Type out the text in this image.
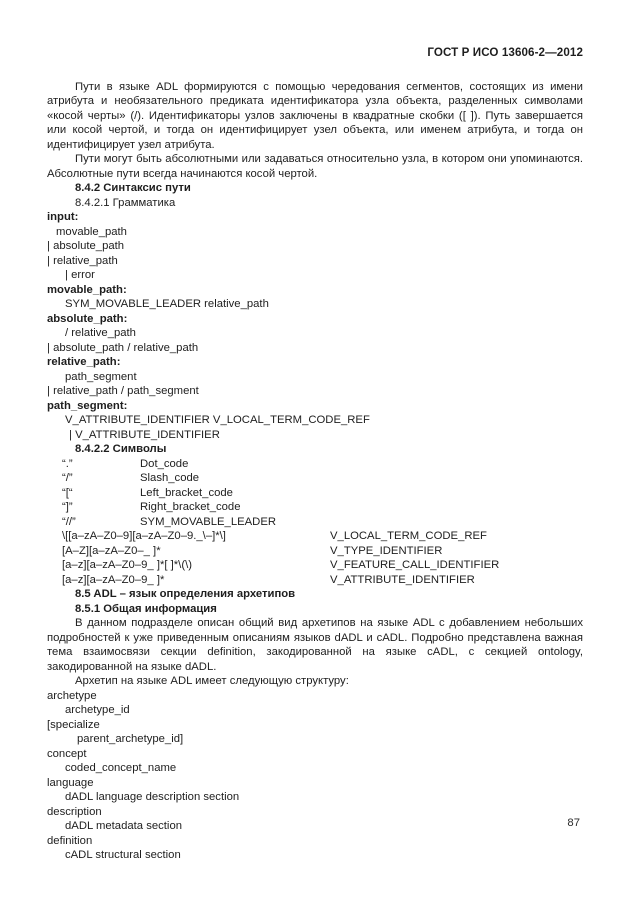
ГОСТ Р ИСО 13606-2—2012

Пути в языке ADL формируются с помощью чередования сегментов, состоящих из имени атрибута и необязательного предиката идентификатора узла объекта, разделенных символами «косой черты» (/). Идентификаторы узлов заключены в квадратные скобки ([ ]). Путь завершается или косой чертой, и тогда он идентифицирует узел объекта, или именем атрибута, и тогда он идентифицирует узел атрибута.

Пути могут быть абсолютными или задаваться относительно узла, в котором они упоминаются. Абсолютные пути всегда начинаются косой чертой.

8.4.2 Синтаксис пути
8.4.2.1 Грамматика
input:
movable_path
| absolute_path
| relative_path
| error
movable_path:
SYM_MOVABLE_LEADER relative_path
absolute_path:
/ relative_path
| absolute_path / relative_path
relative_path:
path_segment
| relative_path / path_segment
path_segment:
V_ATTRIBUTE_IDENTIFIER V_LOCAL_TERM_CODE_REF
| V_ATTRIBUTE_IDENTIFIER
8.4.2.2 Символы
“.”	Dot_code
“/”	Slash_code
“[“	Left_bracket_code
“]”	Right_bracket_code
“//”	SYM_MOVABLE_LEADER
\[[a–zA–Z0–9][a–zA–Z0–9._\–]*\]	V_LOCAL_TERM_CODE_REF
[A–Z][a–zA–Z0–_ ]*	V_TYPE_IDENTIFIER
[a–z][a–zA–Z0–9_ ]*[ ]*\(\)	V_FEATURE_CALL_IDENTIFIER
[a–z][a–zA–Z0–9_ ]*	V_ATTRIBUTE_IDENTIFIER
8.5 ADL – язык определения архетипов
8.5.1 Общая информация

В данном подразделе описан общий вид архетипов на языке ADL с добавлением небольших подробностей к уже приведенным описаниям языков dADL и cADL. Подробно представлена важная тема взаимосвязи секции definition, закодированной на языке cADL, с секцией ontology, закодированной на языке dADL.

Архетип на языке ADL имеет следующую структуру:

archetype
archetype_id
[specialize
parent_archetype_id]
concept
coded_concept_name
language
dADL language description section
description
dADL metadata section
definition
cADL structural section
87
